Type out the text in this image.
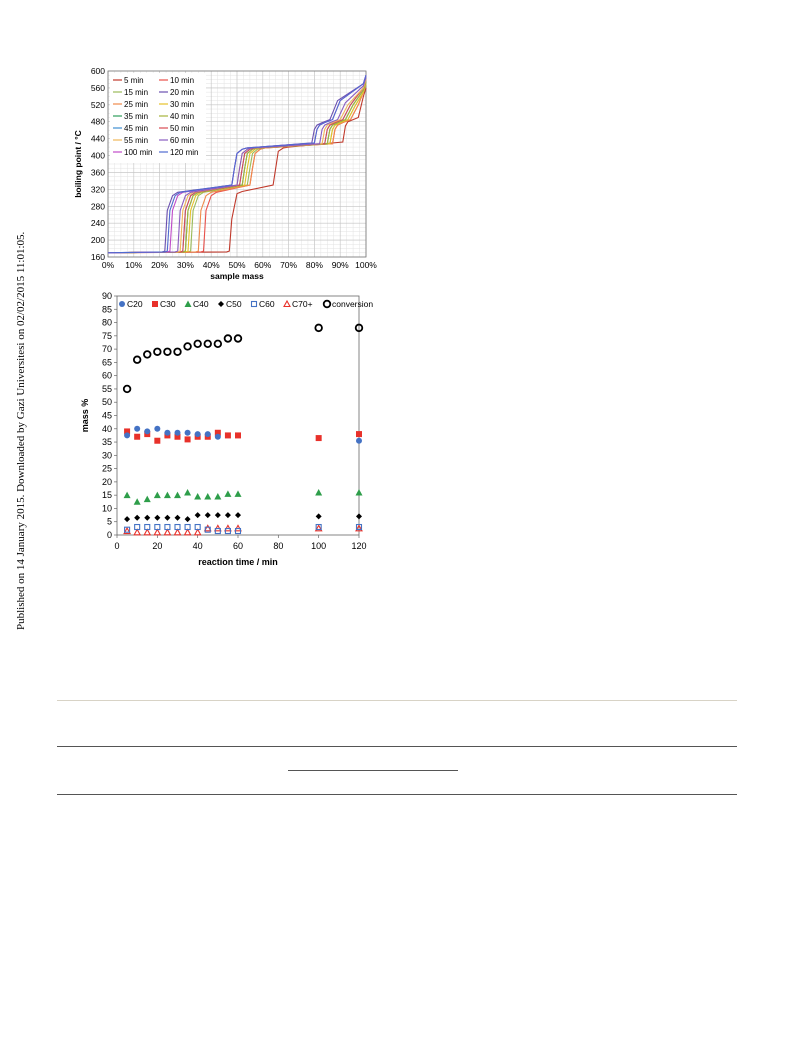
Published on 14 January 2015. Downloaded by Gazi Universitesi on 02/02/2015 11:01:05.	160
200
240
280
320
360
400
440
480
520
560
600
0% 10% 20% 30% 40% 50% 60% 70% 80% 90% 100%
sample mass
boiling point / °C
5 min	10 min
15 min	20 min
25 min	30 min
35 min	40 min
45 min	50 min
55 min	60 min
100 min 120 min
0
5
10
15
20
25
30
35
40
45
50
55
60
65
70
75
80
85
90
0	20	40	60	80	100	120
reaction time / min
mass %
C20 C30 C40 C50 C60 C70+ conversion
